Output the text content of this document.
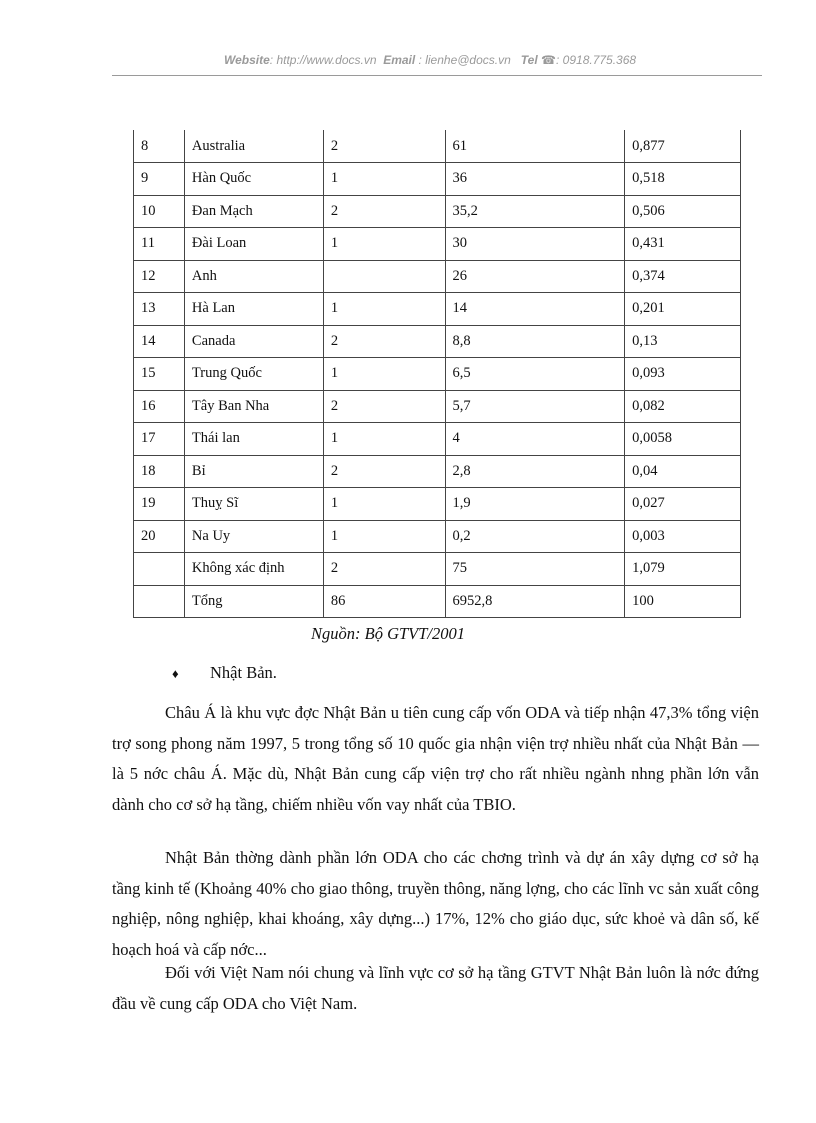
Website: http://www.docs.vn Email : lienhe@docs.vn Tel ☎: 0918.775.368
8	Australia	2	61	0,877
9	Hàn Quốc	1	36	0,518
10	Đan Mạch	2	35,2	0,506
11	Đài Loan	1	30	0,431
12	Anh		26	0,374
13	Hà Lan	1	14	0,201
14	Canada	2	8,8	0,13
15	Trung Quốc	1	6,5	0,093
16	Tây Ban Nha	2	5,7	0,082
17	Thái lan	1	4	0,0058
18	Bỉ	2	2,8	0,04
19	Thuỵ Sĩ	1	1,9	0,027
20	Na Uy	1	0,2	0,003
	Không xác định	2	75	1,079
	Tổng	86	6952,8	100
Nguồn: Bộ GTVT/2001
♦ Nhật Bản.

Châu Á là khu vực đợc Nhật Bản u tiên cung cấp vốn ODA và tiếp nhận 47,3% tổng viện trợ song phong năm 1997, 5 trong tổng số 10 quốc gia nhận viện trợ nhiều nhất của Nhật Bản — là 5 nớc châu Á. Mặc dù, Nhật Bản cung cấp viện trợ cho rất nhiều ngành nhng phần lớn vẫn dành cho cơ sở hạ tầng, chiếm nhiều vốn vay nhất của TBIO.

Nhật Bản thờng dành phần lớn ODA cho các chơng trình và dự án xây dựng cơ sở hạ tầng kinh tế (Khoảng 40% cho giao thông, truyền thông, năng lợng, cho các lĩnh vc sản xuất công nghiệp, nông nghiệp, khai khoáng, xây dựng...) 17%, 12% cho giáo dục, sức khoẻ và dân số, kế hoạch hoá và cấp nớc...

Đối với Việt Nam nói chung và lĩnh vực cơ sở hạ tầng GTVT Nhật Bản luôn là nớc đứng đầu về cung cấp ODA cho Việt Nam.
